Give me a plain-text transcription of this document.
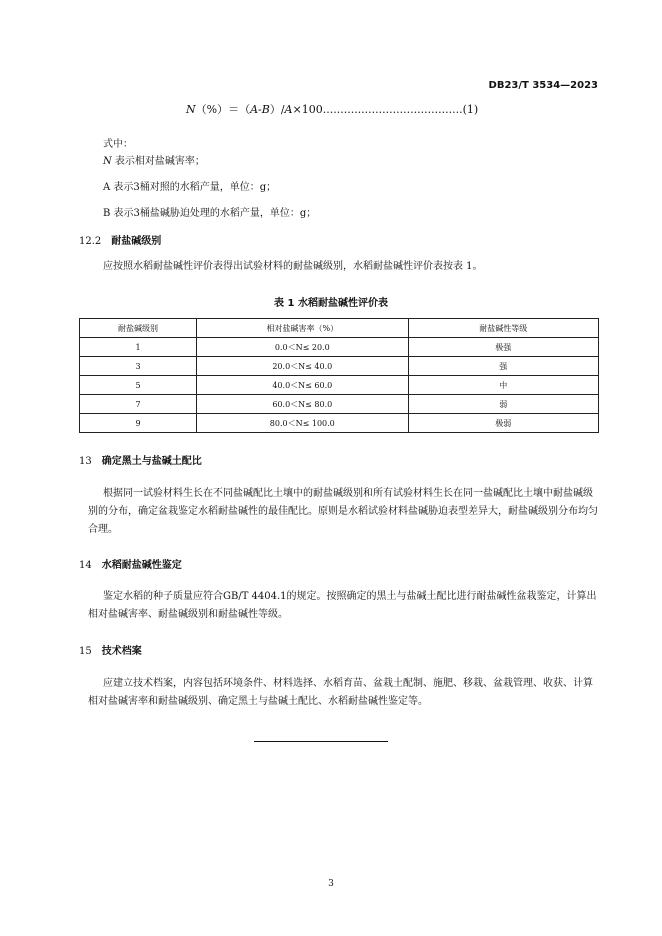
DB23/T 3534—2023
N（%）＝（A-B）/A×100........................................(1)
式中：
N 表示相对盐碱害率；
A 表示3桶对照的水稻产量，单位：g；
B 表示3桶盐碱胁迫处理的水稻产量，单位：g；
12.2 耐盐碱级别
应按照水稻耐盐碱性评价表得出试验材料的耐盐碱级别，水稻耐盐碱性评价表按表 1。
表 1 水稻耐盐碱性评价表
耐盐碱级别	相对盐碱害率（%）	耐盐碱性等级
1	0.0＜N≤ 20.0	极强
3	20.0＜N≤ 40.0	强
5	40.0＜N≤ 60.0	中
7	60.0＜N≤ 80.0	弱
9	80.0＜N≤ 100.0	极弱
13 确定黑土与盐碱土配比
根据同一试验材料生长在不同盐碱配比土壤中的耐盐碱级别和所有试验材料生长在同一盐碱配比土壤中耐盐碱级别的分布，确定盆栽鉴定水稻耐盐碱性的最佳配比。原则是水稻试验材料盐碱胁迫表型差异大，耐盐碱级别分布均匀合理。
14 水稻耐盐碱性鉴定
鉴定水稻的种子质量应符合GB/T 4404.1的规定。按照确定的黑土与盐碱土配比进行耐盐碱性盆栽鉴定，计算出相对盐碱害率、耐盐碱级别和耐盐碱性等级。
15 技术档案
应建立技术档案，内容包括环境条件、材料选择、水稻育苗、盆栽土配制、施肥、移栽、盆栽管理、收获、计算相对盐碱害率和耐盐碱级别、确定黑土与盐碱土配比、水稻耐盐碱性鉴定等。
3
